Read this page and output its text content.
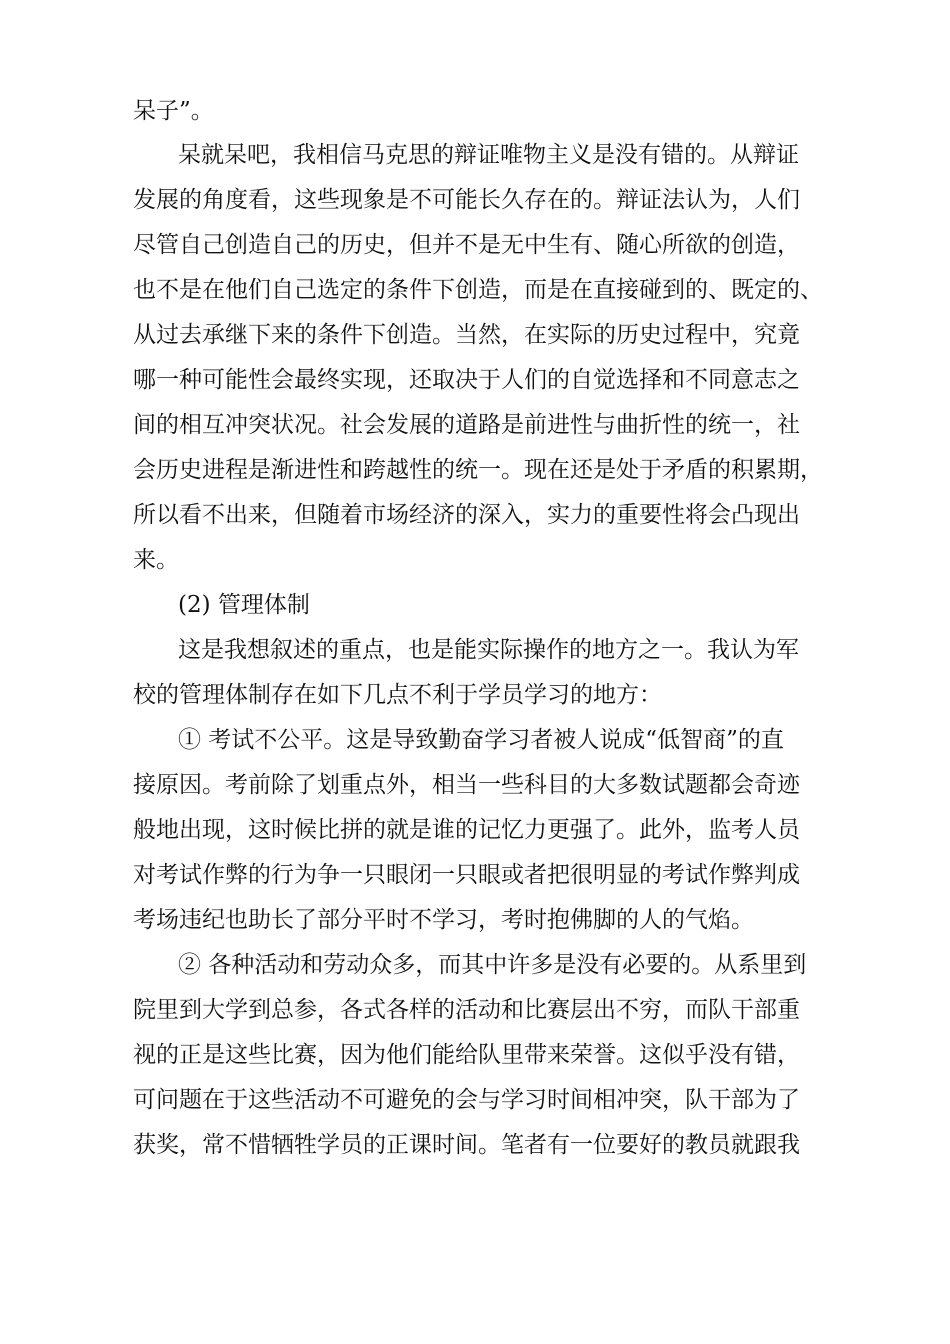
呆子”。
呆就呆吧，我相信马克思的辩证唯物主义是没有错的。从辩证
发展的角度看，这些现象是不可能长久存在的。辩证法认为，人们
尽管自己创造自己的历史，但并不是无中生有、随心所欲的创造，
也不是在他们自己选定的条件下创造，而是在直接碰到的、既定的、
从过去承继下来的条件下创造。当然，在实际的历史过程中，究竟
哪一种可能性会最终实现，还取决于人们的自觉选择和不同意志之
间的相互冲突状况。社会发展的道路是前进性与曲折性的统一，社
会历史进程是渐进性和跨越性的统一。现在还是处于矛盾的积累期，
所以看不出来，但随着市场经济的深入，实力的重要性将会凸现出
来。
(2) 管理体制
这是我想叙述的重点，也是能实际操作的地方之一。我认为军
校的管理体制存在如下几点不利于学员学习的地方：
① 考试不公平。这是导致勤奋学习者被人说成“低智商”的直
接原因。考前除了划重点外，相当一些科目的大多数试题都会奇迹
般地出现，这时候比拼的就是谁的记忆力更强了。此外，监考人员
对考试作弊的行为争一只眼闭一只眼或者把很明显的考试作弊判成
考场违纪也助长了部分平时不学习，考时抱佛脚的人的气焰。
② 各种活动和劳动众多，而其中许多是没有必要的。从系里到
院里到大学到总参，各式各样的活动和比赛层出不穷，而队干部重
视的正是这些比赛，因为他们能给队里带来荣誉。这似乎没有错，
可问题在于这些活动不可避免的会与学习时间相冲突，队干部为了
获奖，常不惜牺牲学员的正课时间。笔者有一位要好的教员就跟我
